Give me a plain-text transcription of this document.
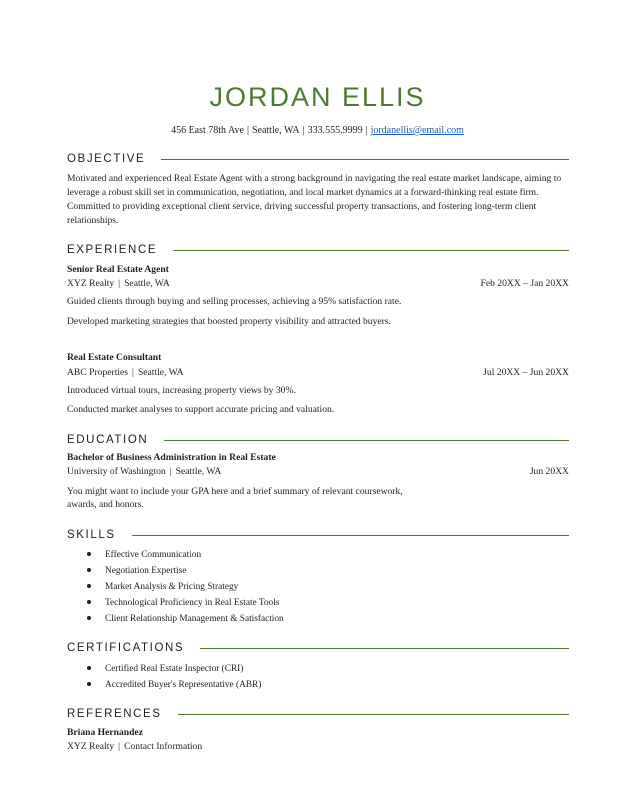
JORDAN ELLIS
456 East 78th Ave | Seattle, WA | 333.555.9999 | jordanellis@email.com
OBJECTIVE

Motivated and experienced Real Estate Agent with a strong background in navigating the real estate market landscape, aiming to leverage a robust skill set in communication, negotiation, and local market dynamics at a forward-thinking real estate firm. Committed to providing exceptional client service, driving successful property transactions, and fostering long-term client relationships.

EXPERIENCE
Senior Real Estate Agent
XYZ Realty | Seattle, WA	Feb 20XX – Jan 20XX
Guided clients through buying and selling processes, achieving a 95% satisfaction rate.
Developed marketing strategies that boosted property visibility and attracted buyers.
Real Estate Consultant
ABC Properties | Seattle, WA	Jul 20XX – Jun 20XX
Introduced virtual tours, increasing property views by 30%.
Conducted market analyses to support accurate pricing and valuation.
EDUCATION
Bachelor of Business Administration in Real Estate
University of Washington | Seattle, WA	Jun 20XX
You might want to include your GPA here and a brief summary of relevant coursework,
awards, and honors.
SKILLS
Effective Communication
Negotiation Expertise
Market Analysis & Pricing Strategy
Technological Proficiency in Real Estate Tools
Client Relationship Management & Satisfaction
CERTIFICATIONS
Certified Real Estate Inspector (CRI)
Accredited Buyer's Representative (ABR)
REFERENCES
Briana Hernandez
XYZ Realty | Contact Information
